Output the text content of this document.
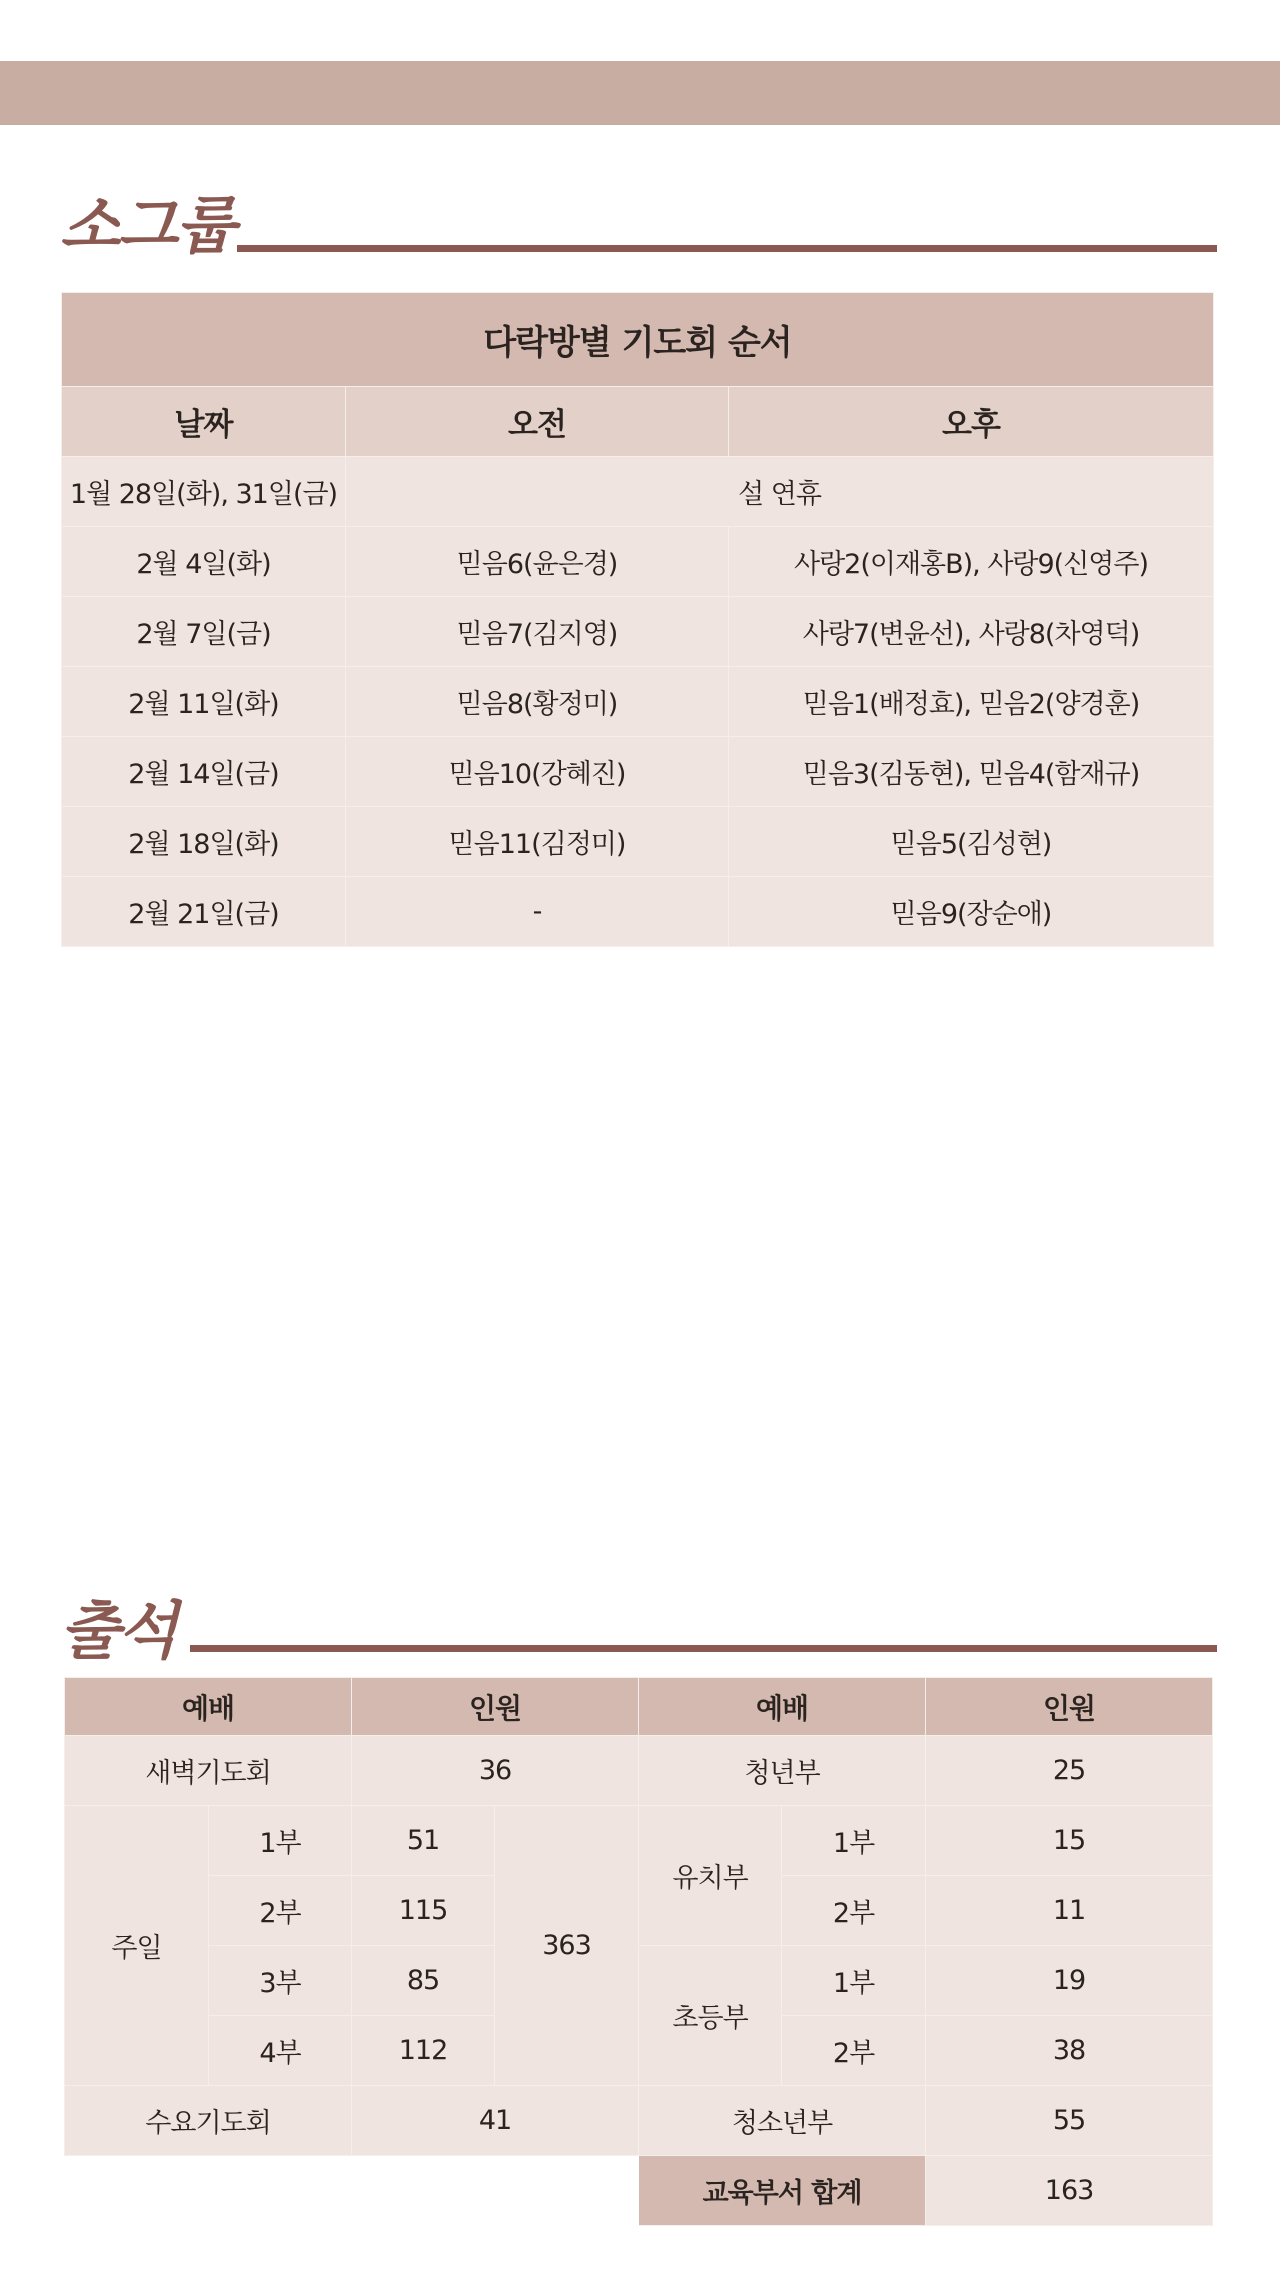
소그룹
다락방별 기도회 순서		
날짜	오전	오후
1월 28일(화), 31일(금)	설 연휴	
2월 4일(화)	믿음6(윤은경)	사랑2(이재홍B), 사랑9(신영주)
2월 7일(금)	믿음7(김지영)	사랑7(변윤선), 사랑8(차영덕)
2월 11일(화)	믿음8(황정미)	믿음1(배정효), 믿음2(양경훈)
2월 14일(금)	믿음10(강혜진)	믿음3(김동현), 믿음4(함재규)
2월 18일(화)	믿음11(김정미)	믿음5(김성현)
2월 21일(금)	-	믿음9(장순애)
출석
예배		인원		예배		인원
새벽기도회		36		청년부		25
주일	1부	51	363	유치부	1부	15
	2부	115			2부	11
	3부	85		초등부	1부	19
	4부	112			2부	38
수요기도회		41		청소년부		55
				교육부서 합계		163
